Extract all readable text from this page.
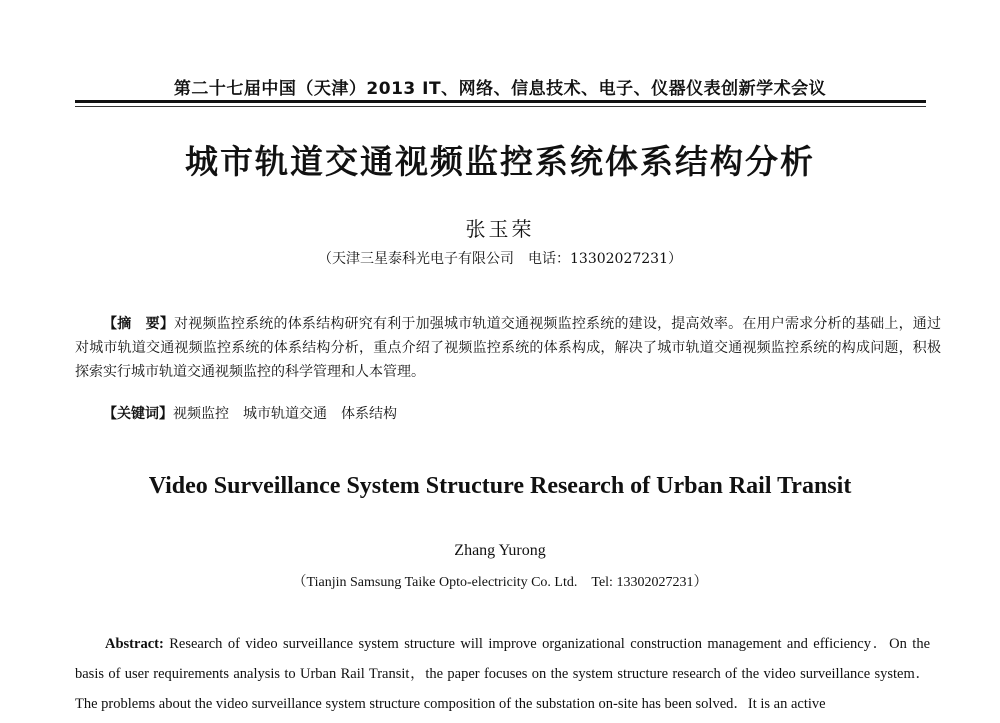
第二十七届中国（天津）2013 IT、网络、信息技术、电子、仪器仪表创新学术会议
城市轨道交通视频监控系统体系结构分析
张玉荣
（天津三星泰科光电子有限公司　电话：13302027231）
【摘　要】对视频监控系统的体系结构研究有利于加强城市轨道交通视频监控系统的建设，提高效率。在用户需求分析的基础上，通过对城市轨道交通视频监控系统的体系结构分析，重点介绍了视频监控系统的体系构成，解决了城市轨道交通视频监控系统的构成问题，积极探索实行城市轨道交通视频监控的科学管理和人本管理。
【关键词】视频监控 城市轨道交通 体系结构
Video Surveillance System Structure Research of Urban Rail Transit
Zhang Yurong
（Tianjin Samsung Taike Opto-electricity Co. Ltd.　Tel: 13302027231）
Abstract: Research of video surveillance system structure will improve organizational construction management and efficiency．On the basis of user requirements analysis to Urban Rail Transit，the paper focuses on the system structure research of the video surveillance system．The problems about the video surveillance system structure composition of the substation on-site has been solved．It is an active
